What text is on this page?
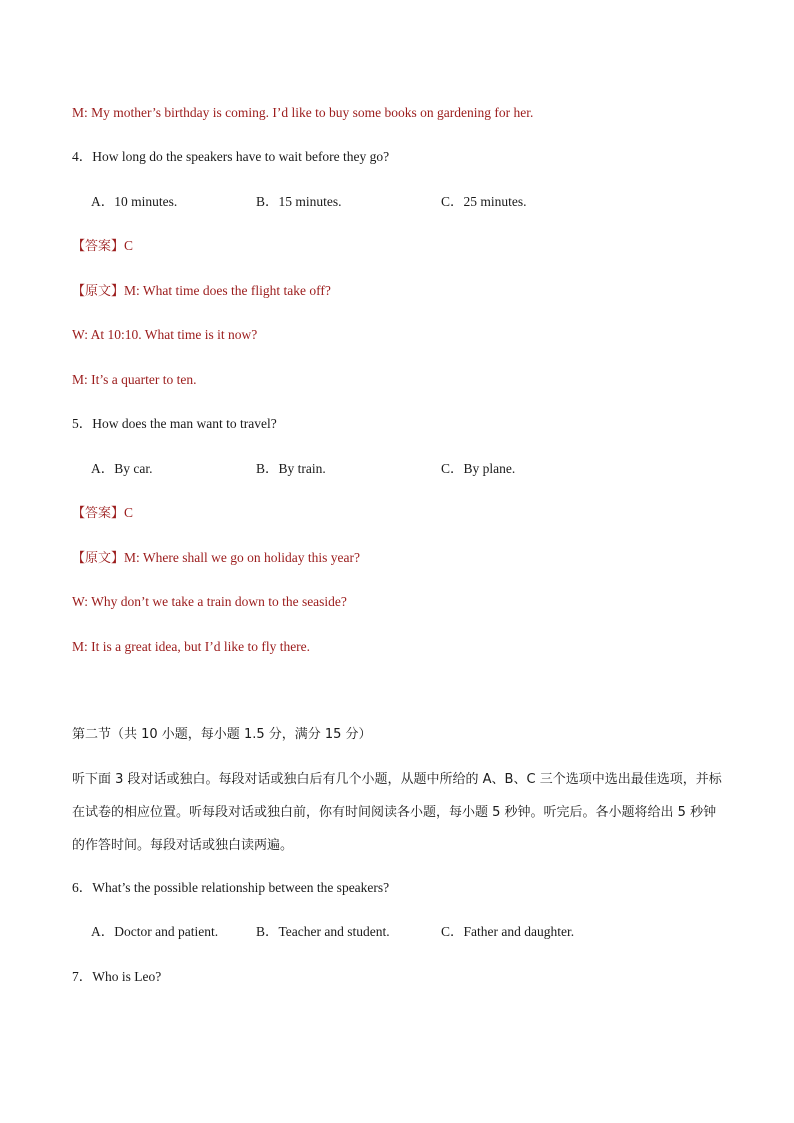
M: My mother’s birthday is coming. I’d like to buy some books on gardening for her.
4．How long do the speakers have to wait before they go?
A．10 minutes.	B．15 minutes.	C．25 minutes.
【答案】C
【原文】M: What time does the flight take off?
W: At 10:10. What time is it now?
M: It’s a quarter to ten.
5．How does the man want to travel?
A．By car.	B．By train.	C．By plane.
【答案】C
【原文】M: Where shall we go on holiday this year?
W: Why don’t we take a train down to the seaside?
M: It is a great idea, but I’d like to fly there.
第二节（共 10 小题，每小题 1.5 分，满分 15 分）
听下面 3 段对话或独白。每段对话或独白后有几个小题，从题中所给的 A、B、C 三个选项中选出最佳选项，并标在试卷的相应位置。听每段对话或独白前，你有时间阅读各小题，每小题 5 秒钟。听完后。各小题将给出 5 秒钟的作答时间。每段对话或独白读两遍。
6．What’s the possible relationship between the speakers?
A．Doctor and patient.	B．Teacher and student.	C．Father and daughter.
7．Who is Leo?
